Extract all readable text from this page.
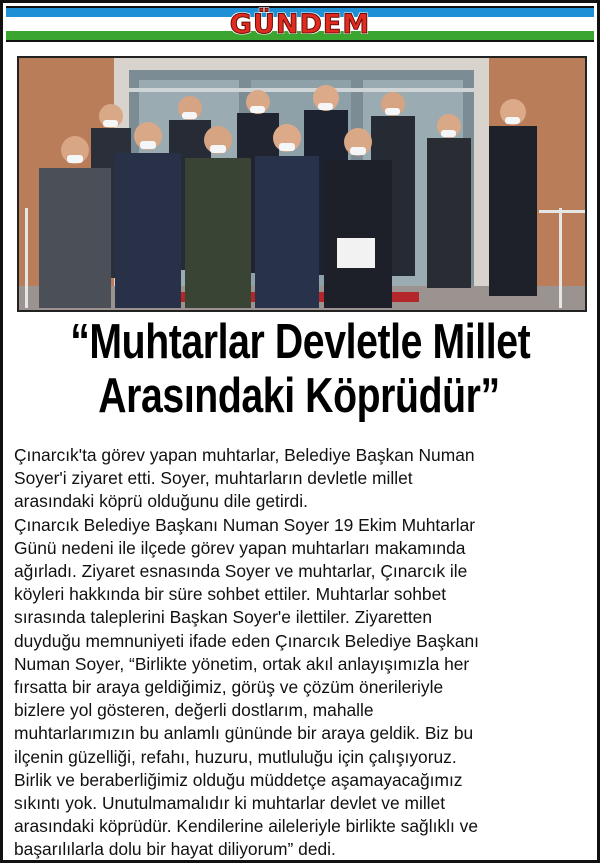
GÜNDEM
“Muhtarlar Devletle Millet
Arasındaki Köprüdür”
Çınarcık'ta görev yapan muhtarlar, Belediye Başkan Numan
Soyer'i ziyaret etti. Soyer, muhtarların devletle millet
arasındaki köprü olduğunu dile getirdi.
Çınarcık Belediye Başkanı Numan Soyer 19 Ekim Muhtarlar
Günü nedeni ile ilçede görev yapan muhtarları makamında
ağırladı. Ziyaret esnasında Soyer ve muhtarlar, Çınarcık ile
köyleri hakkında bir süre sohbet ettiler. Muhtarlar sohbet
sırasında taleplerini Başkan Soyer'e ilettiler. Ziyaretten
duyduğu memnuniyeti ifade eden Çınarcık Belediye Başkanı
Numan Soyer, “Birlikte yönetim, ortak akıl anlayışımızla her
fırsatta bir araya geldiğimiz, görüş ve çözüm önerileriyle
bizlere yol gösteren, değerli dostlarım, mahalle
muhtarlarımızın bu anlamlı gününde bir araya geldik. Biz bu
ilçenin güzelliği, refahı, huzuru, mutluluğu için çalışıyoruz.
Birlik ve beraberliğimiz olduğu müddetçe aşamayacağımız
sıkıntı yok. Unutulmamalıdır ki muhtarlar devlet ve millet
arasındaki köprüdür. Kendilerine aileleriyle birlikte sağlıklı ve
başarılılarla dolu bir hayat diliyorum” dedi.
